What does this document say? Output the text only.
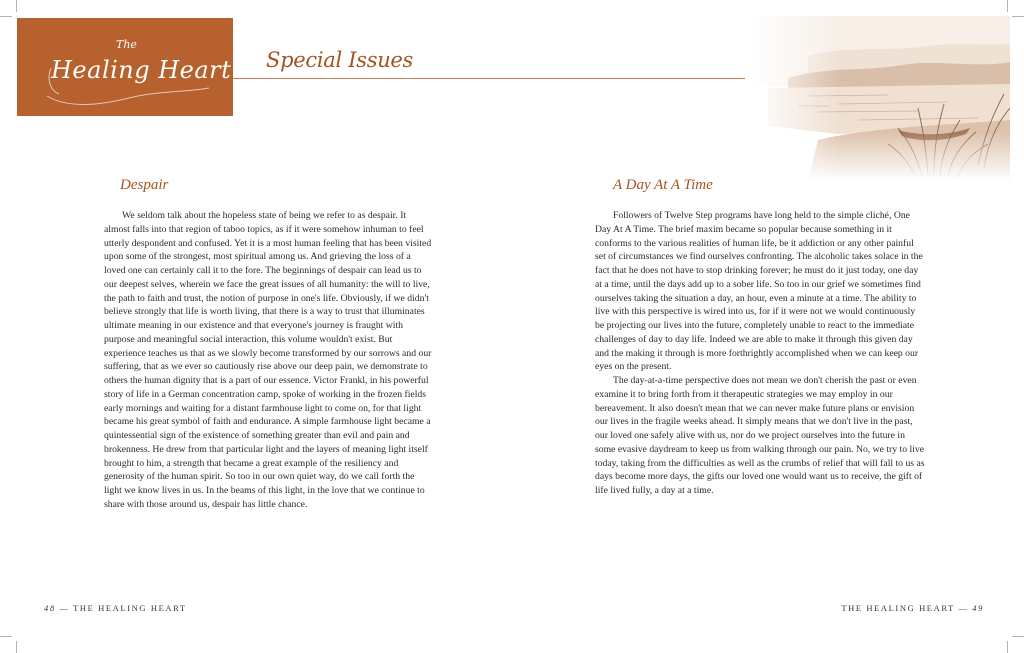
The
Healing Heart Special Issues
Despair

We seldom talk about the hopeless state of being we refer to as despair. It almost falls into that region of taboo topics, as if it were somehow inhuman to feel utterly despondent and confused. Yet it is a most human feeling that has been visited upon some of the strongest, most spiritual among us. And grieving the loss of a loved one can certainly call it to the fore. The beginnings of despair can lead us to our deepest selves, wherein we face the great issues of all humanity: the will to live, the path to faith and trust, the notion of purpose in one's life. Obviously, if we didn't believe strongly that life is worth living, that there is a way to trust that illuminates ultimate meaning in our existence and that everyone's journey is fraught with purpose and meaningful social interaction, this volume wouldn't exist. But experience teaches us that as we slowly become transformed by our sorrows and our suffering, that as we ever so cautiously rise above our deep pain, we demonstrate to others the human dignity that is a part of our essence. Victor Frankl, in his powerful story of life in a German concentration camp, spoke of working in the frozen fields early mornings and waiting for a distant farmhouse light to come on, for that light became his great symbol of faith and endurance. A simple farmhouse light became a quintessential sign of the existence of something greater than evil and pain and brokenness. He drew from that particular light and the layers of meaning light itself brought to him, a strength that became a great example of the resiliency and generosity of the human spirit. So too in our own quiet way, do we call forth the light we know lives in us. In the beams of this light, in the love that we continue to share with those around us, despair has little chance.

A Day At A Time

Followers of Twelve Step programs have long held to the simple cliché, One Day At A Time. The brief maxim became so popular because something in it conforms to the various realities of human life, be it addiction or any other painful set of circumstances we find ourselves confronting. The alcoholic takes solace in the fact that he does not have to stop drinking forever; he must do it just today, one day at a time, until the days add up to a sober life. So too in our grief we sometimes find ourselves taking the situation a day, an hour, even a minute at a time. The ability to live with this perspective is wired into us, for if it were not we would continuously be projecting our lives into the future, completely unable to react to the immediate challenges of day to day life. Indeed we are able to make it through this given day and the making it through is more forthrightly accomplished when we can keep our eyes on the present.

The day-at-a-time perspective does not mean we don't cherish the past or even examine it to bring forth from it therapeutic strategies we may employ in our bereavement. It also doesn't mean that we can never make future plans or envision our lives in the fragile weeks ahead. It simply means that we don't live in the past, our loved one safely alive with us, nor do we project ourselves into the future in some evasive daydream to keep us from walking through our pain. No, we try to live today, taking from the difficulties as well as the crumbs of relief that will fall to us as days become more days, the gifts our loved one would want us to receive, the gift of life lived fully, a day at a time.

48 — THE HEALING HEART	THE HEALING HEART — 49
